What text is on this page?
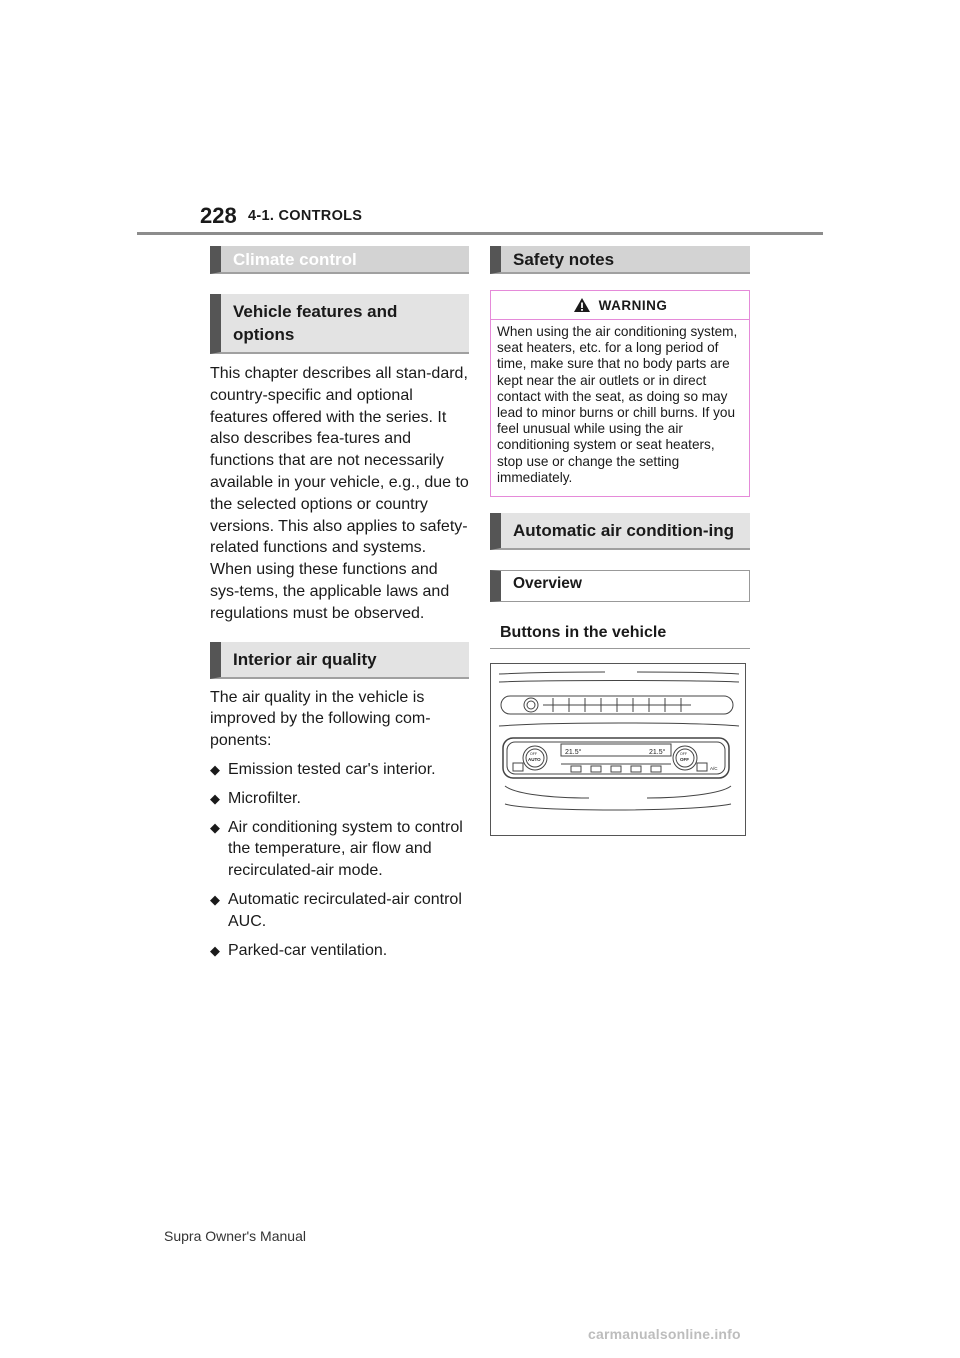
228 4-1. CONTROLS
Climate control
Vehicle features and options

This chapter describes all stan-dard, country-specific and optional features offered with the series. It also describes fea-tures and functions that are not necessarily available in your vehicle, e.g., due to the selected options or country versions. This also applies to safety-related functions and systems. When using these functions and sys-tems, the applicable laws and regulations must be observed.

Interior air quality

The air quality in the vehicle is improved by the following com-ponents:

◆ Emission tested car's interior.
◆ Microfilter.
◆ Air conditioning system to control the temperature, air flow and recirculated-air mode.
◆ Automatic recirculated-air control AUC.
◆ Parked-car ventilation.
Safety notes
WARNING
When using the air conditioning system, seat heaters, etc. for a long period of time, make sure that no body parts are kept near the air outlets or in direct contact with the seat, as doing so may lead to minor burns or chill burns. If you feel unusual while using the air conditioning system or seat heaters, stop use or change the setting immediately.
Automatic air condition-ing
Overview
Buttons in the vehicle
21.5°	21.5°
OFF
AUTO
OFF
OFF
A/C
Supra Owner's Manual
carmanualsonline.info
